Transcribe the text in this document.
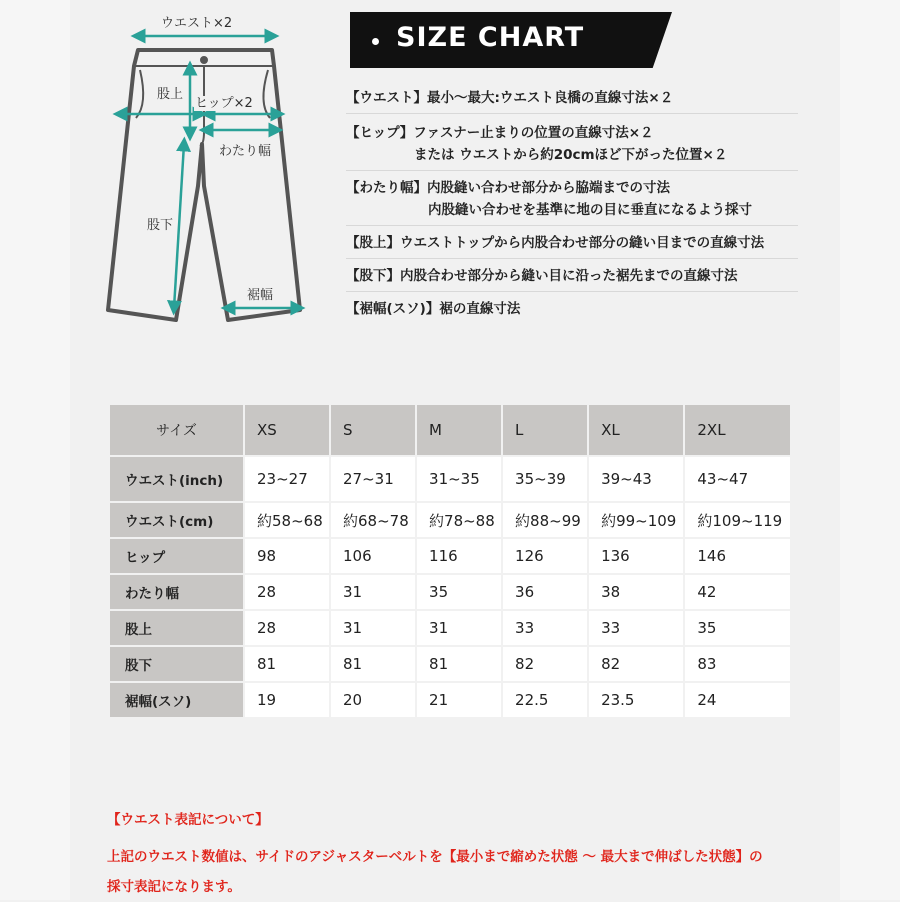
ウエスト×2
股上
ヒップ×2
わたり幅
股下
裾幅
SIZE CHART
【ウエスト】最小〜最大:ウエスト良橋の直線寸法×２
【ヒップ】ファスナー止まりの位置の直線寸法×２
または ウエストから約20cmほど下がった位置×２
【わたり幅】内股縫い合わせ部分から脇端までの寸法
内股縫い合わせを基準に地の目に垂直になるよう採寸
【股上】ウエストトップから内股合わせ部分の縫い目までの直線寸法
【股下】内股合わせ部分から縫い目に沿った裾先までの直線寸法
【裾幅(スソ)】裾の直線寸法
サイズ	XS	S	M	L	XL	2XL
ウエスト(inch)	23~27	27~31	31~35	35~39	39~43	43~47
ウエスト(cm)	約58~68	約68~78	約78~88	約88~99	約99~109	約109~119
ヒップ	98	106	116	126	136	146
わたり幅	28	31	35	36	38	42
股上	28	31	31	33	33	35
股下	81	81	81	82	82	83
裾幅(スソ)	19	20	21	22.5	23.5	24
【ウエスト表記について】
上記のウエスト数値は、サイドのアジャスターベルトを【最小まで縮めた状態 〜 最大まで伸ばした状態】の
採寸表記になります。
